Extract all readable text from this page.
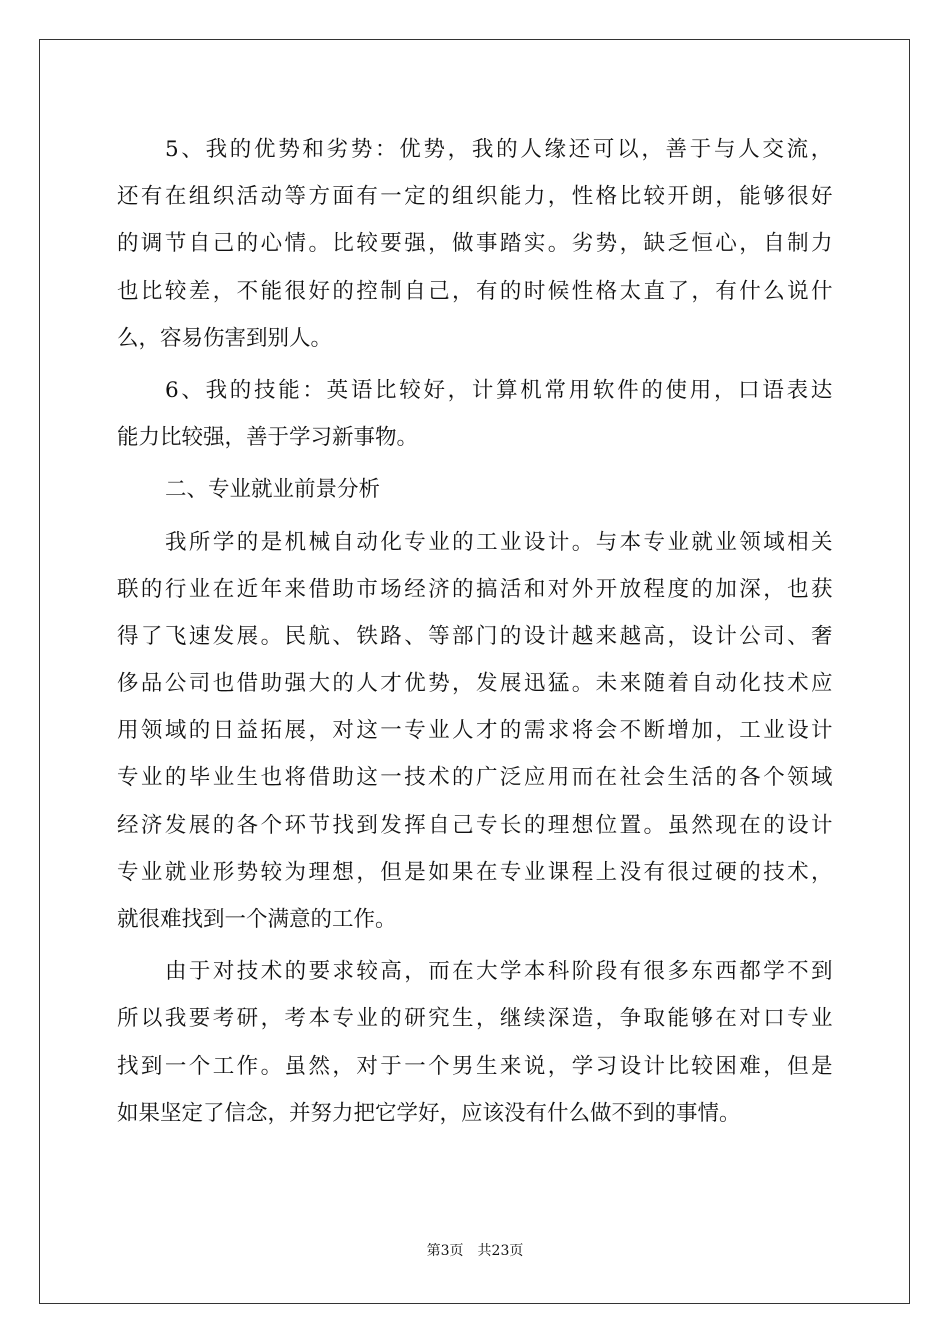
5、我的优势和劣势：优势，我的人缘还可以，善于与人交流，
还有在组织活动等方面有一定的组织能力，性格比较开朗，能够很好
的调节自己的心情。比较要强，做事踏实。劣势，缺乏恒心，自制力
也比较差，不能很好的控制自己，有的时候性格太直了，有什么说什
么，容易伤害到别人。
6、我的技能：英语比较好，计算机常用软件的使用，口语表达
能力比较强，善于学习新事物。
二、专业就业前景分析
我所学的是机械自动化专业的工业设计。与本专业就业领域相关
联的行业在近年来借助市场经济的搞活和对外开放程度的加深，也获
得了飞速发展。民航、铁路、等部门的设计越来越高，设计公司、奢
侈品公司也借助强大的人才优势，发展迅猛。未来随着自动化技术应
用领域的日益拓展，对这一专业人才的需求将会不断增加，工业设计
专业的毕业生也将借助这一技术的广泛应用而在社会生活的各个领域
经济发展的各个环节找到发挥自己专长的理想位置。虽然现在的设计
专业就业形势较为理想，但是如果在专业课程上没有很过硬的技术，
就很难找到一个满意的工作。
由于对技术的要求较高，而在大学本科阶段有很多东西都学不到
所以我要考研，考本专业的研究生，继续深造，争取能够在对口专业
找到一个工作。虽然，对于一个男生来说，学习设计比较困难，但是
如果坚定了信念，并努力把它学好，应该没有什么做不到的事情。
第3页 共23页
